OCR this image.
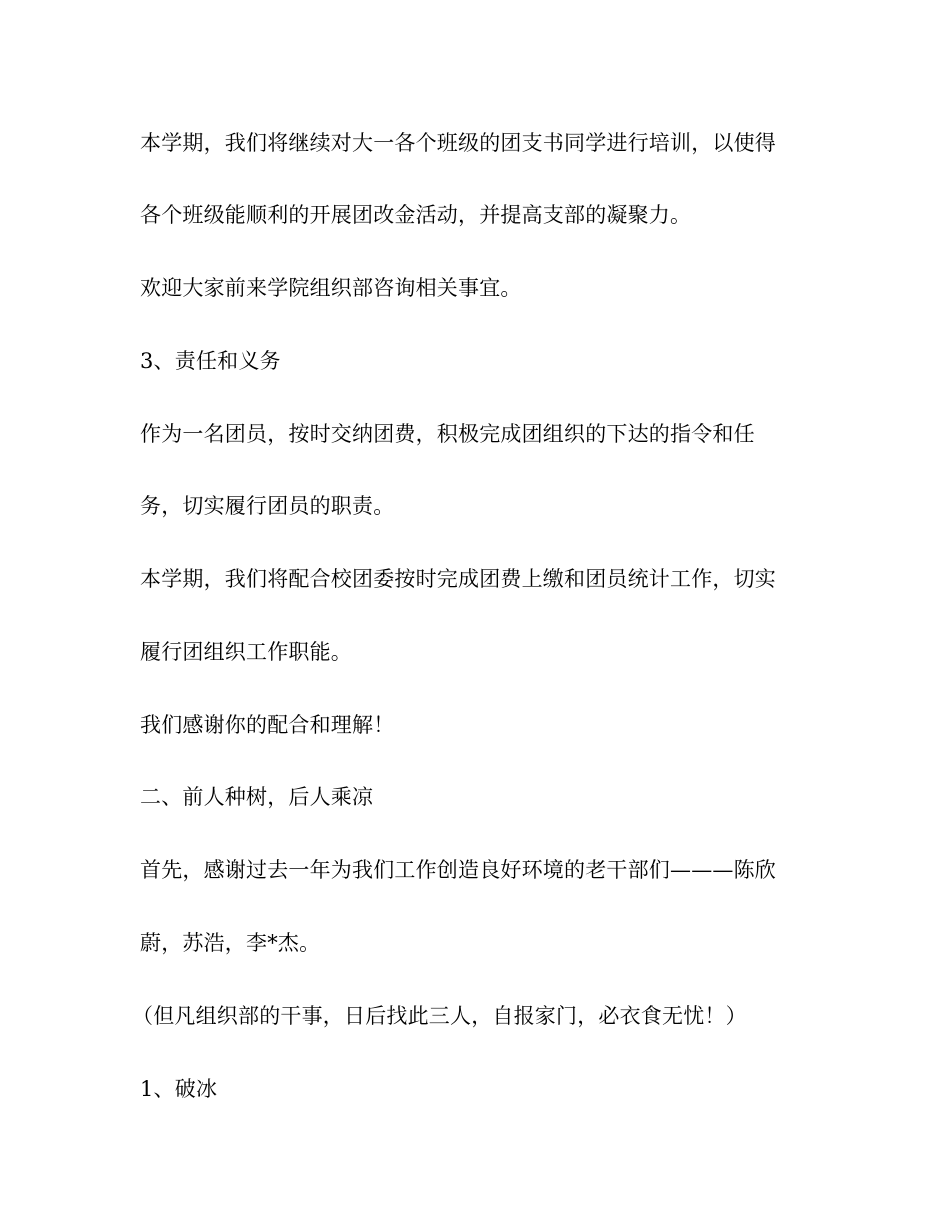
本学期，我们将继续对大一各个班级的团支书同学进行培训，以使得
各个班级能顺利的开展团改金活动，并提高支部的凝聚力。
欢迎大家前来学院组织部咨询相关事宜。
3、责任和义务
作为一名团员，按时交纳团费，积极完成团组织的下达的指令和任
务，切实履行团员的职责。
本学期，我们将配合校团委按时完成团费上缴和团员统计工作，切实
履行团组织工作职能。
我们感谢你的配合和理解！
二、前人种树，后人乘凉
首先，感谢过去一年为我们工作创造良好环境的老干部们———陈欣
蔚，苏浩，李*杰。
（但凡组织部的干事，日后找此三人，自报家门，必衣食无忧！）
1、破冰
